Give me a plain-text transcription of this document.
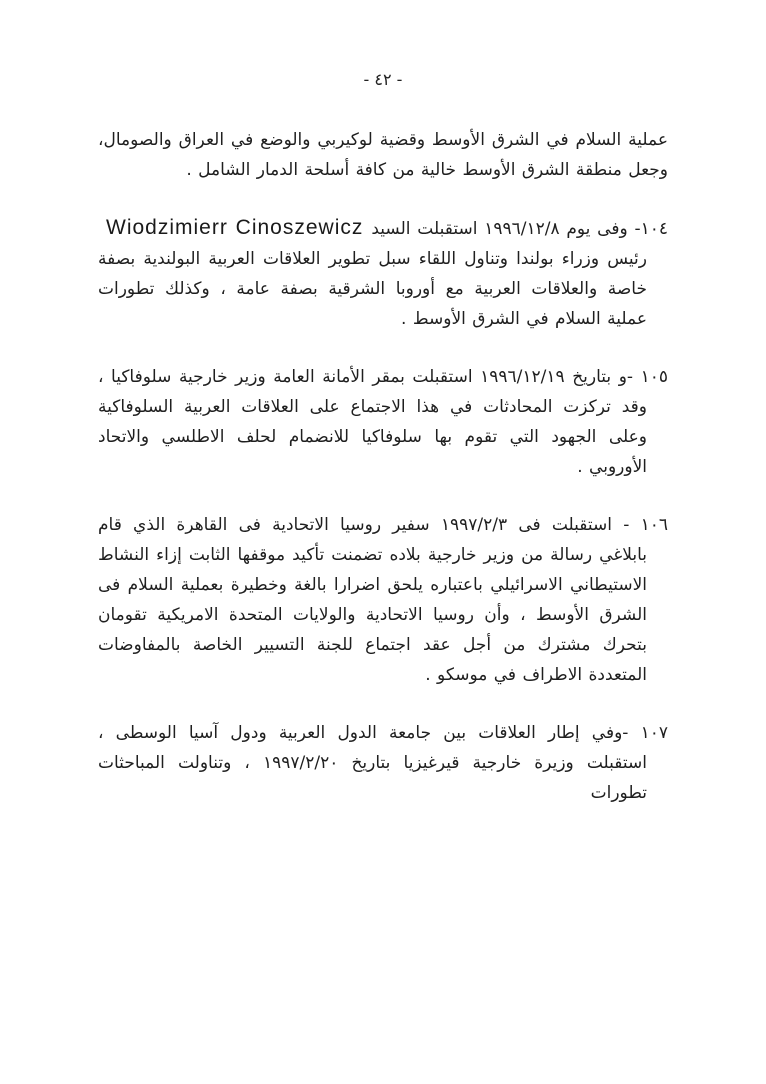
- ٤٢ -

عملية السلام في الشرق الأوسط وقضية لوكيربي والوضع في العراق والصومال، وجعل منطقة الشرق الأوسط خالية من كافة أسلحة الدمار الشامل .

١٠٤- وفى يوم ١٩٩٦/١٢/٨ استقبلت السيدWiodzimierr Cinoszewiczرئيس وزراء بولندا وتناول اللقاء سبل تطوير العلاقات العربية البولندية بصفة خاصة والعلاقات العربية مع أوروبا الشرقية بصفة عامة ، وكذلك تطورات عملية السلام في الشرق الأوسط .

١٠٥ -و بتاريخ ١٩٩٦/١٢/١٩ استقبلت بمقر الأمانة العامة وزير خارجية سلوفاكيا ، وقد تركزت المحادثات في هذا الاجتماع على العلاقات العربية السلوفاكية وعلى الجهود التي تقوم بها سلوفاكيا للانضمام لحلف الاطلسي والاتحاد الأوروبي .

١٠٦ - استقبلت فى ١٩٩٧/٢/٣ سفير روسيا الاتحادية فى القاهرة الذي قام بابلاغي رسالة من وزير خارجية بلاده تضمنت تأكيد موقفها الثابت إزاء النشاط الاستيطاني الاسرائيلي باعتباره يلحق اضرارا بالغة وخطيرة بعملية السلام فى الشرق الأوسط ، وأن روسيا الاتحادية والولايات المتحدة الامريكية تقومان بتحرك مشترك من أجل عقد اجتماع للجنة التسيير الخاصة بالمفاوضات المتعددة الاطراف في موسكو .

١٠٧ -وفي إطار العلاقات بين جامعة الدول العربية ودول آسيا الوسطى ، استقبلت وزيرة خارجية قيرغيزيا بتاريخ ١٩٩٧/٢/٢٠ ، وتناولت المباحثات تطورات
